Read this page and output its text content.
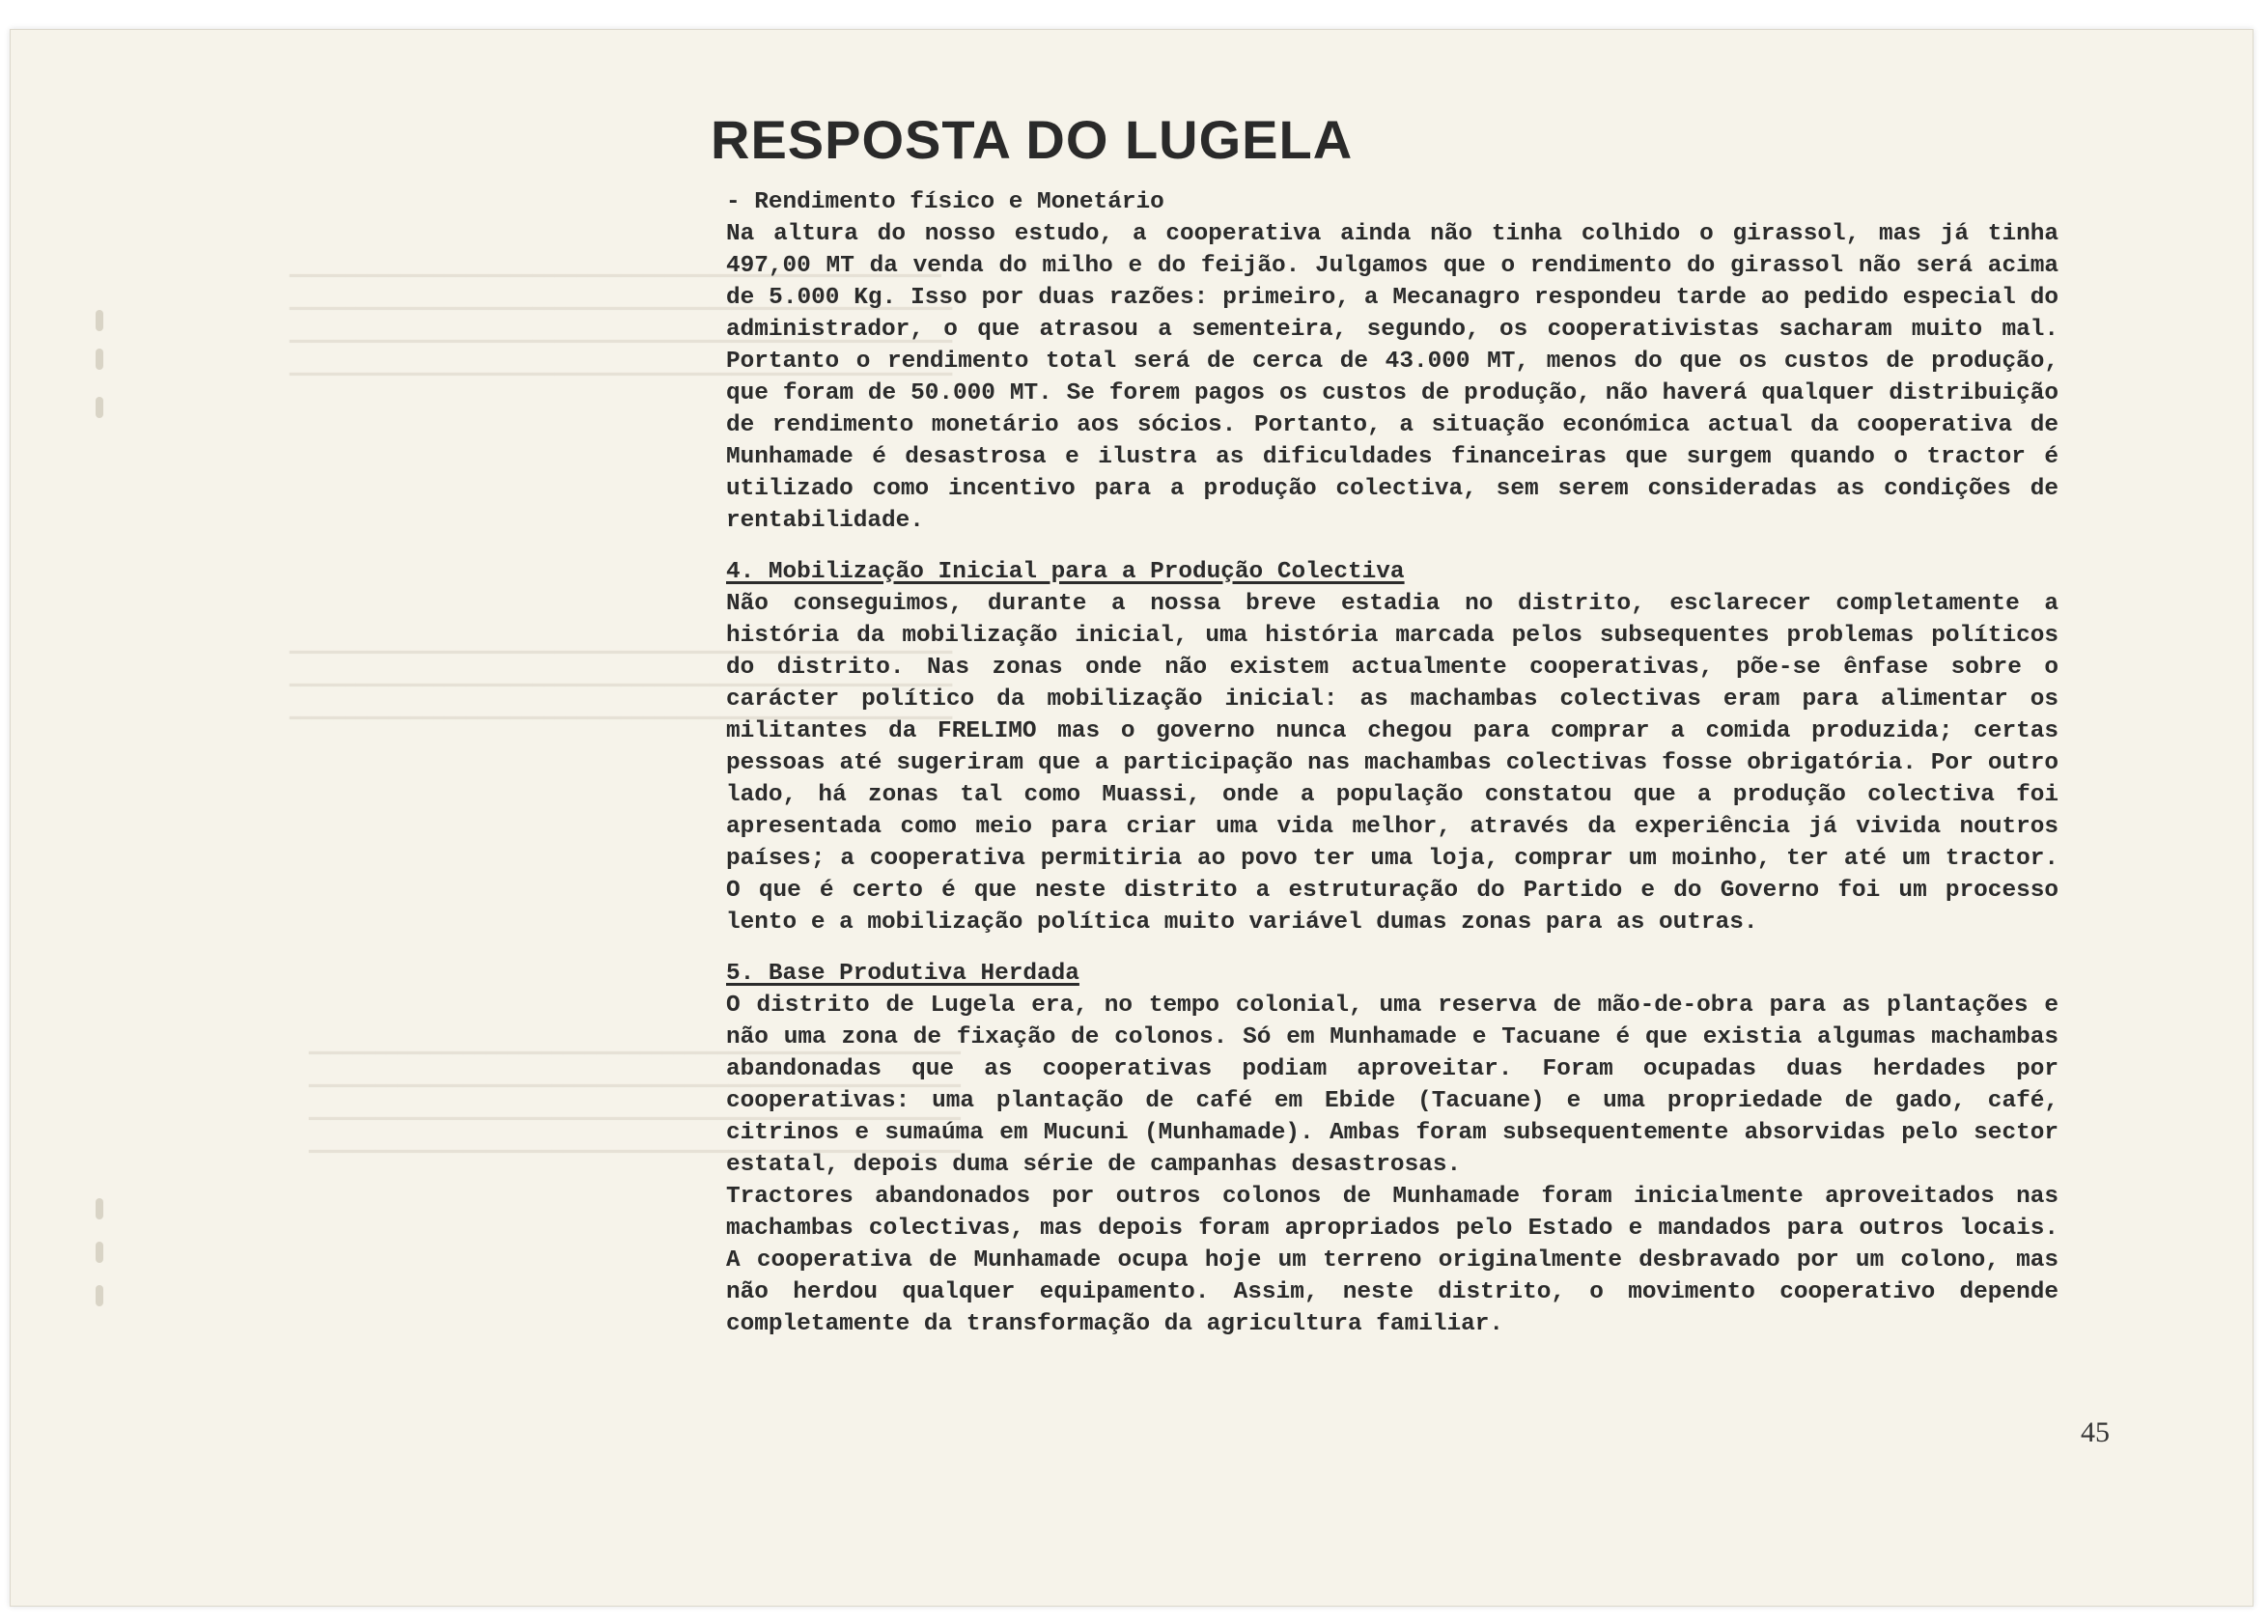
━━━━━━━━━━━━━━━━━━━━━━━━━━━━━━━━━━━━━━━━━━━━━━━━━━━━━━━━━━━
━━━━━━━━━━━━━━━━━━━━━━━━━━━━━━━━━━━━━━━━━━━━━━━━━━━━━━━━━━━━
━━━━━━━━━━━━━━━━━━━━━━━━━━━━━━━━━━━━━━━━━━━━━━━━━━━━━━━━━━━━
━━━━━━━━━━━━━━━━━━━━━━━━━━━━━━━━━━━━━━━━━━━━━━━━━━━━━━━━━━━━
━━━━━━━━━━━━━━━━━━━━━━━━━━━━━━━━━━━━━━━━━━━━━━━━━━━━━━━━━━━━
━━━━━━━━━━━━━━━━━━━━━━━━━━━━━━━━━━━━━━━━━━━━━━━━━━━━━━━━━━━━
━━━━━━━━━━━━━━━━━━━━━━━━━━━━━━━━━━━━━━━━━━━━━━━━━━━━━━━━━━━━
━━━━━━━━━━━━━━━━━━━━━━━━━━━━━━━━━━━━━━━━━━━━━━━━━━━━━━━━━━━
━━━━━━━━━━━━━━━━━━━━━━━━━━━━━━━━━━━━━━━━━━━━━━━━━━━━━━━━━━━
━━━━━━━━━━━━━━━━━━━━━━━━━━━━━━━━━━━━━━━━━━━━━━━━━━━━━━━━━━━
━━━━━━━━━━━━━━━━━━━━━━━━━━━━━━━━━━━━━━━━━━━━━━━━━━━━━━━━━━━
RESPOSTA DO LUGELA
- Rendimento físico e Monetário

Na altura do nosso estudo, a cooperativa ainda não tinha colhido o girassol, mas já tinha 497,00 MT da venda do milho e do feijão. Julgamos que o rendimento do girassol não será acima de 5.000 Kg. Isso por duas razões: primeiro, a Mecanagro respondeu tarde ao pedido especial do administrador, o que atrasou a sementeira, segundo, os cooperativistas sacharam muito mal. Portanto o rendimento total será de cerca de 43.000 MT, menos do que os custos de produção, que foram de 50.000 MT. Se forem pagos os custos de produção, não haverá qualquer distribuição de rendimento monetário aos sócios. Portanto, a situação económica actual da cooperativa de Munhamade é desastrosa e ilustra as dificuldades financeiras que surgem quando o tractor é utilizado como incentivo para a produção colectiva, sem serem consideradas as condições de rentabilidade.

4. Mobilização Inicial para a Produção Colectiva

Não conseguimos, durante a nossa breve estadia no distrito, esclarecer completamente a história da mobilização inicial, uma história marcada pelos subsequentes problemas políticos do distrito. Nas zonas onde não existem actualmente cooperativas, põe-se ênfase sobre o carácter político da mobilização inicial: as machambas colectivas eram para alimentar os militantes da FRELIMO mas o governo nunca chegou para comprar a comida produzida; certas pessoas até sugeriram que a participação nas machambas colectivas fosse obrigatória. Por outro lado, há zonas tal como Muassi, onde a população constatou que a produção colectiva foi apresentada como meio para criar uma vida melhor, através da experiência já vivida noutros países; a cooperativa permitiria ao povo ter uma loja, comprar um moinho, ter até um tractor. O que é certo é que neste distrito a estruturação do Partido e do Governo foi um processo lento e a mobilização política muito variável dumas zonas para as outras.

5. Base Produtiva Herdada

O distrito de Lugela era, no tempo colonial, uma reserva de mão-de-obra para as plantações e não uma zona de fixação de colonos. Só em Munhamade e Tacuane é que existia algumas machambas abandonadas que as cooperativas podiam aproveitar. Foram ocupadas duas herdades por cooperativas: uma plantação de café em Ebide (Tacuane) e uma propriedade de gado, café, citrinos e sumaúma em Mucuni (Munhamade). Ambas foram subsequentemente absorvidas pelo sector estatal, depois duma série de campanhas desastrosas.

Tractores abandonados por outros colonos de Munhamade foram inicialmente aproveitados nas machambas colectivas, mas depois foram apropriados pelo Estado e mandados para outros locais. A cooperativa de Munhamade ocupa hoje um terreno originalmente desbravado por um colono, mas não herdou qualquer equipamento. Assim, neste distrito, o movimento cooperativo depende completamente da transformação da agricultura familiar.

45
